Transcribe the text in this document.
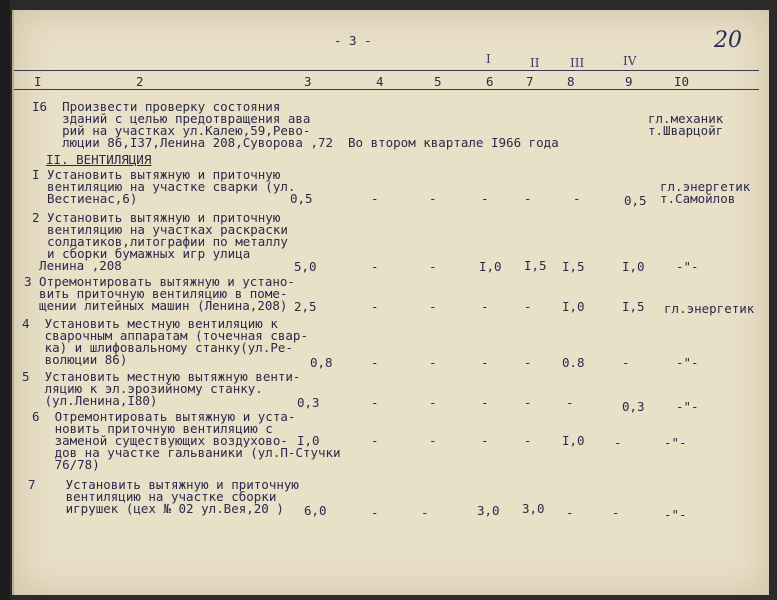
- 3 -	20
I	II	III	IV
I	2	3	4	5	6	7	8	9	I0
I6  Произвести проверку состояния
зданий с целью предотвращения ава
рий на участках ул.Калею,59,Рево-
люции 86,I37,Ленина 208,Суворова ,72 Во втором квартале I966 года
гл.механик
т.Шварцойг
II. ВЕНТИЛЯЦИЯ
I Установить вытяжную и приточную
вентиляцию на участке сварки (ул.
Вестиенас,6)	0,5	-	-	-	-	-	0,5
гл.энергетик
т.Самойлов
2 Установить вытяжную и приточную
вентиляцию на участках раскраски
солдатиков,литографии по металлу
и сборки бумажных игр улица
Ленина ,208	5,0	-	-	I,0 I,5 I,5	I,0	-"-
3 Отремонтировать вытяжную и устано-
вить приточную вентиляцию в поме-
щении литейных машин (Ленина,208) 2,5	-	-	-	- I,0	I,5 гл.энергетик
4  Установить местную вентиляцию к
сварочным аппаратам (точечная свар-
ка) и шлифовальному станку(ул.Ре-
волюции 86)	0,8	-	-	-	- 0.8	-	-"-
5  Установить местную вытяжную венти-
ляцию к эл.эрозийному станку.
(ул.Ленина,I80)	0,3	-	-	-	-	-	0,3	-"-
6  Отремонтировать вытяжную и уста-
новить приточную вентиляцию с
заменой существующих воздухово-
дов на участке гальваники (ул.П-Стучки
76/78)
I,0	-	-	-	- I,0 -	-"-
7    Установить вытяжную и приточную
вентиляцию на участке сборки
игрушек (цех № 02 ул.Вея,20 ) 6,0	-	-	3,0 3,0 -	-	-"-
